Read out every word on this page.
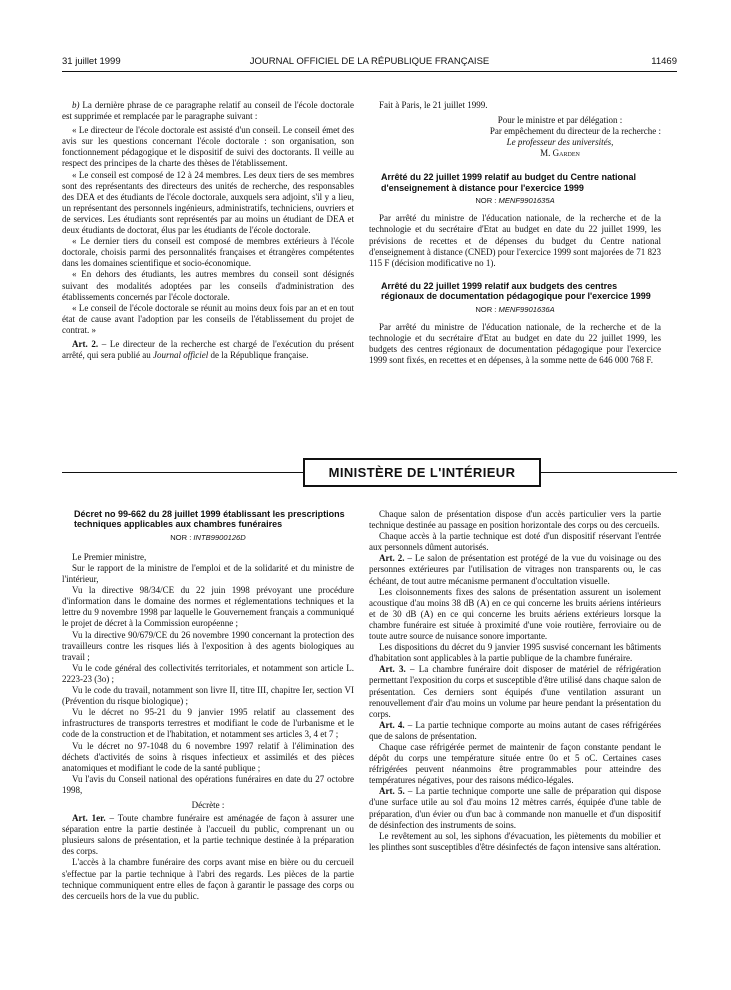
31 juillet 1999	JOURNAL OFFICIEL DE LA RÉPUBLIQUE FRANÇAISE	11469

b) La dernière phrase de ce paragraphe relatif au conseil de l'école doctorale est supprimée et remplacée par le paragraphe suivant :

« Le directeur de l'école doctorale est assisté d'un conseil. Le conseil émet des avis sur les questions concernant l'école doctorale : son organisation, son fonctionnement pédagogique et le dispositif de suivi des doctorants. Il veille au respect des principes de la charte des thèses de l'établissement.

« Le conseil est composé de 12 à 24 membres. Les deux tiers de ses membres sont des représentants des directeurs des unités de recherche, des responsables des DEA et des étudiants de l'école doctorale, auxquels sera adjoint, s'il y a lieu, un représentant des personnels ingénieurs, administratifs, techniciens, ouvriers et de services. Les étudiants sont représentés par au moins un étudiant de DEA et deux étudiants de doctorat, élus par les étudiants de l'école doctorale.

« Le dernier tiers du conseil est composé de membres extérieurs à l'école doctorale, choisis parmi des personnalités françaises et étrangères compétentes dans les domaines scientifique et socio-économique.

« En dehors des étudiants, les autres membres du conseil sont désignés suivant des modalités adoptées par les conseils d'administration des établissements concernés par l'école doctorale.

« Le conseil de l'école doctorale se réunit au moins deux fois par an et en tout état de cause avant l'adoption par les conseils de l'établissement du projet de contrat. »

Art. 2. – Le directeur de la recherche est chargé de l'exécution du présent arrêté, qui sera publié au Journal officiel de la République française.

Fait à Paris, le 21 juillet 1999.

Pour le ministre et par délégation :

Par empêchement du directeur de la recherche :

Le professeur des universités,

M. Garden

Arrêté du 22 juillet 1999 relatif au budget du Centre national d'enseignement à distance pour l'exercice 1999
NOR : MENF9901635A

Par arrêté du ministre de l'éducation nationale, de la recherche et de la technologie et du secrétaire d'Etat au budget en date du 22 juillet 1999, les prévisions de recettes et de dépenses du budget du Centre national d'enseignement à distance (CNED) pour l'exercice 1999 sont majorées de 71 823 115 F (décision modificative no 1).

Arrêté du 22 juillet 1999 relatif aux budgets des centres régionaux de documentation pédagogique pour l'exercice 1999
NOR : MENF9901636A

Par arrêté du ministre de l'éducation nationale, de la recherche et de la technologie et du secrétaire d'Etat au budget en date du 22 juillet 1999, les budgets des centres régionaux de documentation pédagogique pour l'exercice 1999 sont fixés, en recettes et en dépenses, à la somme nette de 646 000 768 F.

MINISTÈRE DE L'INTÉRIEUR
Décret no 99-662 du 28 juillet 1999 établissant les prescriptions techniques applicables aux chambres funéraires
NOR : INTB9900126D

Le Premier ministre,

Sur le rapport de la ministre de l'emploi et de la solidarité et du ministre de l'intérieur,

Vu la directive 98/34/CE du 22 juin 1998 prévoyant une procédure d'information dans le domaine des normes et réglementations techniques et la lettre du 9 novembre 1998 par laquelle le Gouvernement français a communiqué le projet de décret à la Commission européenne ;

Vu la directive 90/679/CE du 26 novembre 1990 concernant la protection des travailleurs contre les risques liés à l'exposition à des agents biologiques au travail ;

Vu le code général des collectivités territoriales, et notamment son article L. 2223-23 (3o) ;

Vu le code du travail, notamment son livre II, titre III, chapitre Ier, section VI (Prévention du risque biologique) ;

Vu le décret no 95-21 du 9 janvier 1995 relatif au classement des infrastructures de transports terrestres et modifiant le code de l'urbanisme et le code de la construction et de l'habitation, et notamment ses articles 3, 4 et 7 ;

Vu le décret no 97-1048 du 6 novembre 1997 relatif à l'élimination des déchets d'activités de soins à risques infectieux et assimilés et des pièces anatomiques et modifiant le code de la santé publique ;

Vu l'avis du Conseil national des opérations funéraires en date du 27 octobre 1998,

Décrète :

Art. 1er. – Toute chambre funéraire est aménagée de façon à assurer une séparation entre la partie destinée à l'accueil du public, comprenant un ou plusieurs salons de présentation, et la partie technique destinée à la préparation des corps.

L'accès à la chambre funéraire des corps avant mise en bière ou du cercueil s'effectue par la partie technique à l'abri des regards. Les pièces de la partie technique communiquent entre elles de façon à garantir le passage des corps ou des cercueils hors de la vue du public.

Chaque salon de présentation dispose d'un accès particulier vers la partie technique destinée au passage en position horizontale des corps ou des cercueils.

Chaque accès à la partie technique est doté d'un dispositif réservant l'entrée aux personnels dûment autorisés.

Art. 2. – Le salon de présentation est protégé de la vue du voisinage ou des personnes extérieures par l'utilisation de vitrages non transparents ou, le cas échéant, de tout autre mécanisme permanent d'occultation visuelle.

Les cloisonnements fixes des salons de présentation assurent un isolement acoustique d'au moins 38 dB (A) en ce qui concerne les bruits aériens intérieurs et de 30 dB (A) en ce qui concerne les bruits aériens extérieurs lorsque la chambre funéraire est située à proximité d'une voie routière, ferroviaire ou de toute autre source de nuisance sonore importante.

Les dispositions du décret du 9 janvier 1995 susvisé concernant les bâtiments d'habitation sont applicables à la partie publique de la chambre funéraire.

Art. 3. – La chambre funéraire doit disposer de matériel de réfrigération permettant l'exposition du corps et susceptible d'être utilisé dans chaque salon de présentation. Ces derniers sont équipés d'une ventilation assurant un renouvellement d'air d'au moins un volume par heure pendant la présentation du corps.

Art. 4. – La partie technique comporte au moins autant de cases réfrigérées que de salons de présentation.

Chaque case réfrigérée permet de maintenir de façon constante pendant le dépôt du corps une température située entre 0o et 5 oC. Certaines cases réfrigérées peuvent néanmoins être programmables pour atteindre des températures négatives, pour des raisons médico-légales.

Art. 5. – La partie technique comporte une salle de préparation qui dispose d'une surface utile au sol d'au moins 12 mètres carrés, équipée d'une table de préparation, d'un évier ou d'un bac à commande non manuelle et d'un dispositif de désinfection des instruments de soins.

Le revêtement au sol, les siphons d'évacuation, les piètements du mobilier et les plinthes sont susceptibles d'être désinfectés de façon intensive sans altération.
